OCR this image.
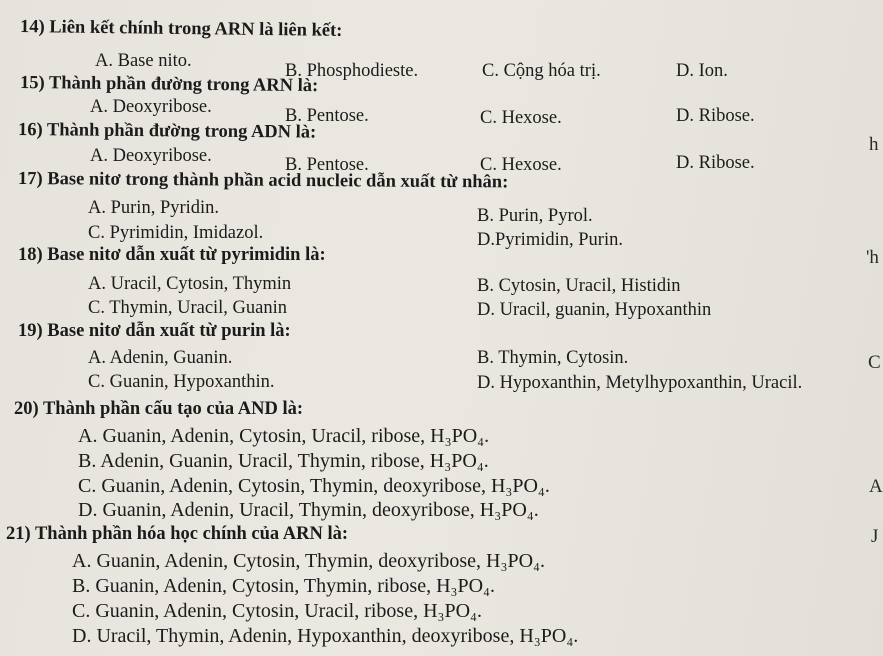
14) Liên kết chính trong ARN là liên kết:
A. Base nito.	B. Phosphodieste.	C. Cộng hóa trị.	D. Ion.
15) Thành phần đường trong ARN là:
A. Deoxyribose.	B. Pentose.	C. Hexose.	D. Ribose.
16) Thành phần đường trong ADN là:
A. Deoxyribose.	B. Pentose.	C. Hexose.	D. Ribose.
17) Base nitơ trong thành phần acid nucleic dẫn xuất từ nhân:
A. Purin, Pyridin.	B. Purin, Pyrol.
C. Pyrimidin, Imidazol.	D.Pyrimidin, Purin.
18) Base nitơ dẫn xuất từ pyrimidin là:
A. Uracil, Cytosin, Thymin	B. Cytosin, Uracil, Histidin
C. Thymin, Uracil, Guanin	D. Uracil, guanin, Hypoxanthin
19) Base nitơ dẫn xuất từ purin là:
A. Adenin, Guanin.	B. Thymin, Cytosin.
C. Guanin, Hypoxanthin.	D. Hypoxanthin, Metylhypoxanthin, Uracil.
20) Thành phần cấu tạo của AND là:
A. Guanin, Adenin, Cytosin, Uracil, ribose, H₃PO₄.
B. Adenin, Guanin, Uracil, Thymin, ribose, H₃PO₄.
C. Guanin, Adenin, Cytosin, Thymin, deoxyribose, H₃PO₄.
D. Guanin, Adenin, Uracil, Thymin, deoxyribose, H₃PO₄.
21) Thành phần hóa học chính của ARN là:
A. Guanin, Adenin, Cytosin, Thymin, deoxyribose, H₃PO₄.
B. Guanin, Adenin, Cytosin, Thymin, ribose, H₃PO₄.
C. Guanin, Adenin, Cytosin, Uracil, ribose, H₃PO₄.
D. Uracil, Thymin, Adenin, Hypoxanthin, deoxyribose, H₃PO₄.
h
'h
C
A
J
